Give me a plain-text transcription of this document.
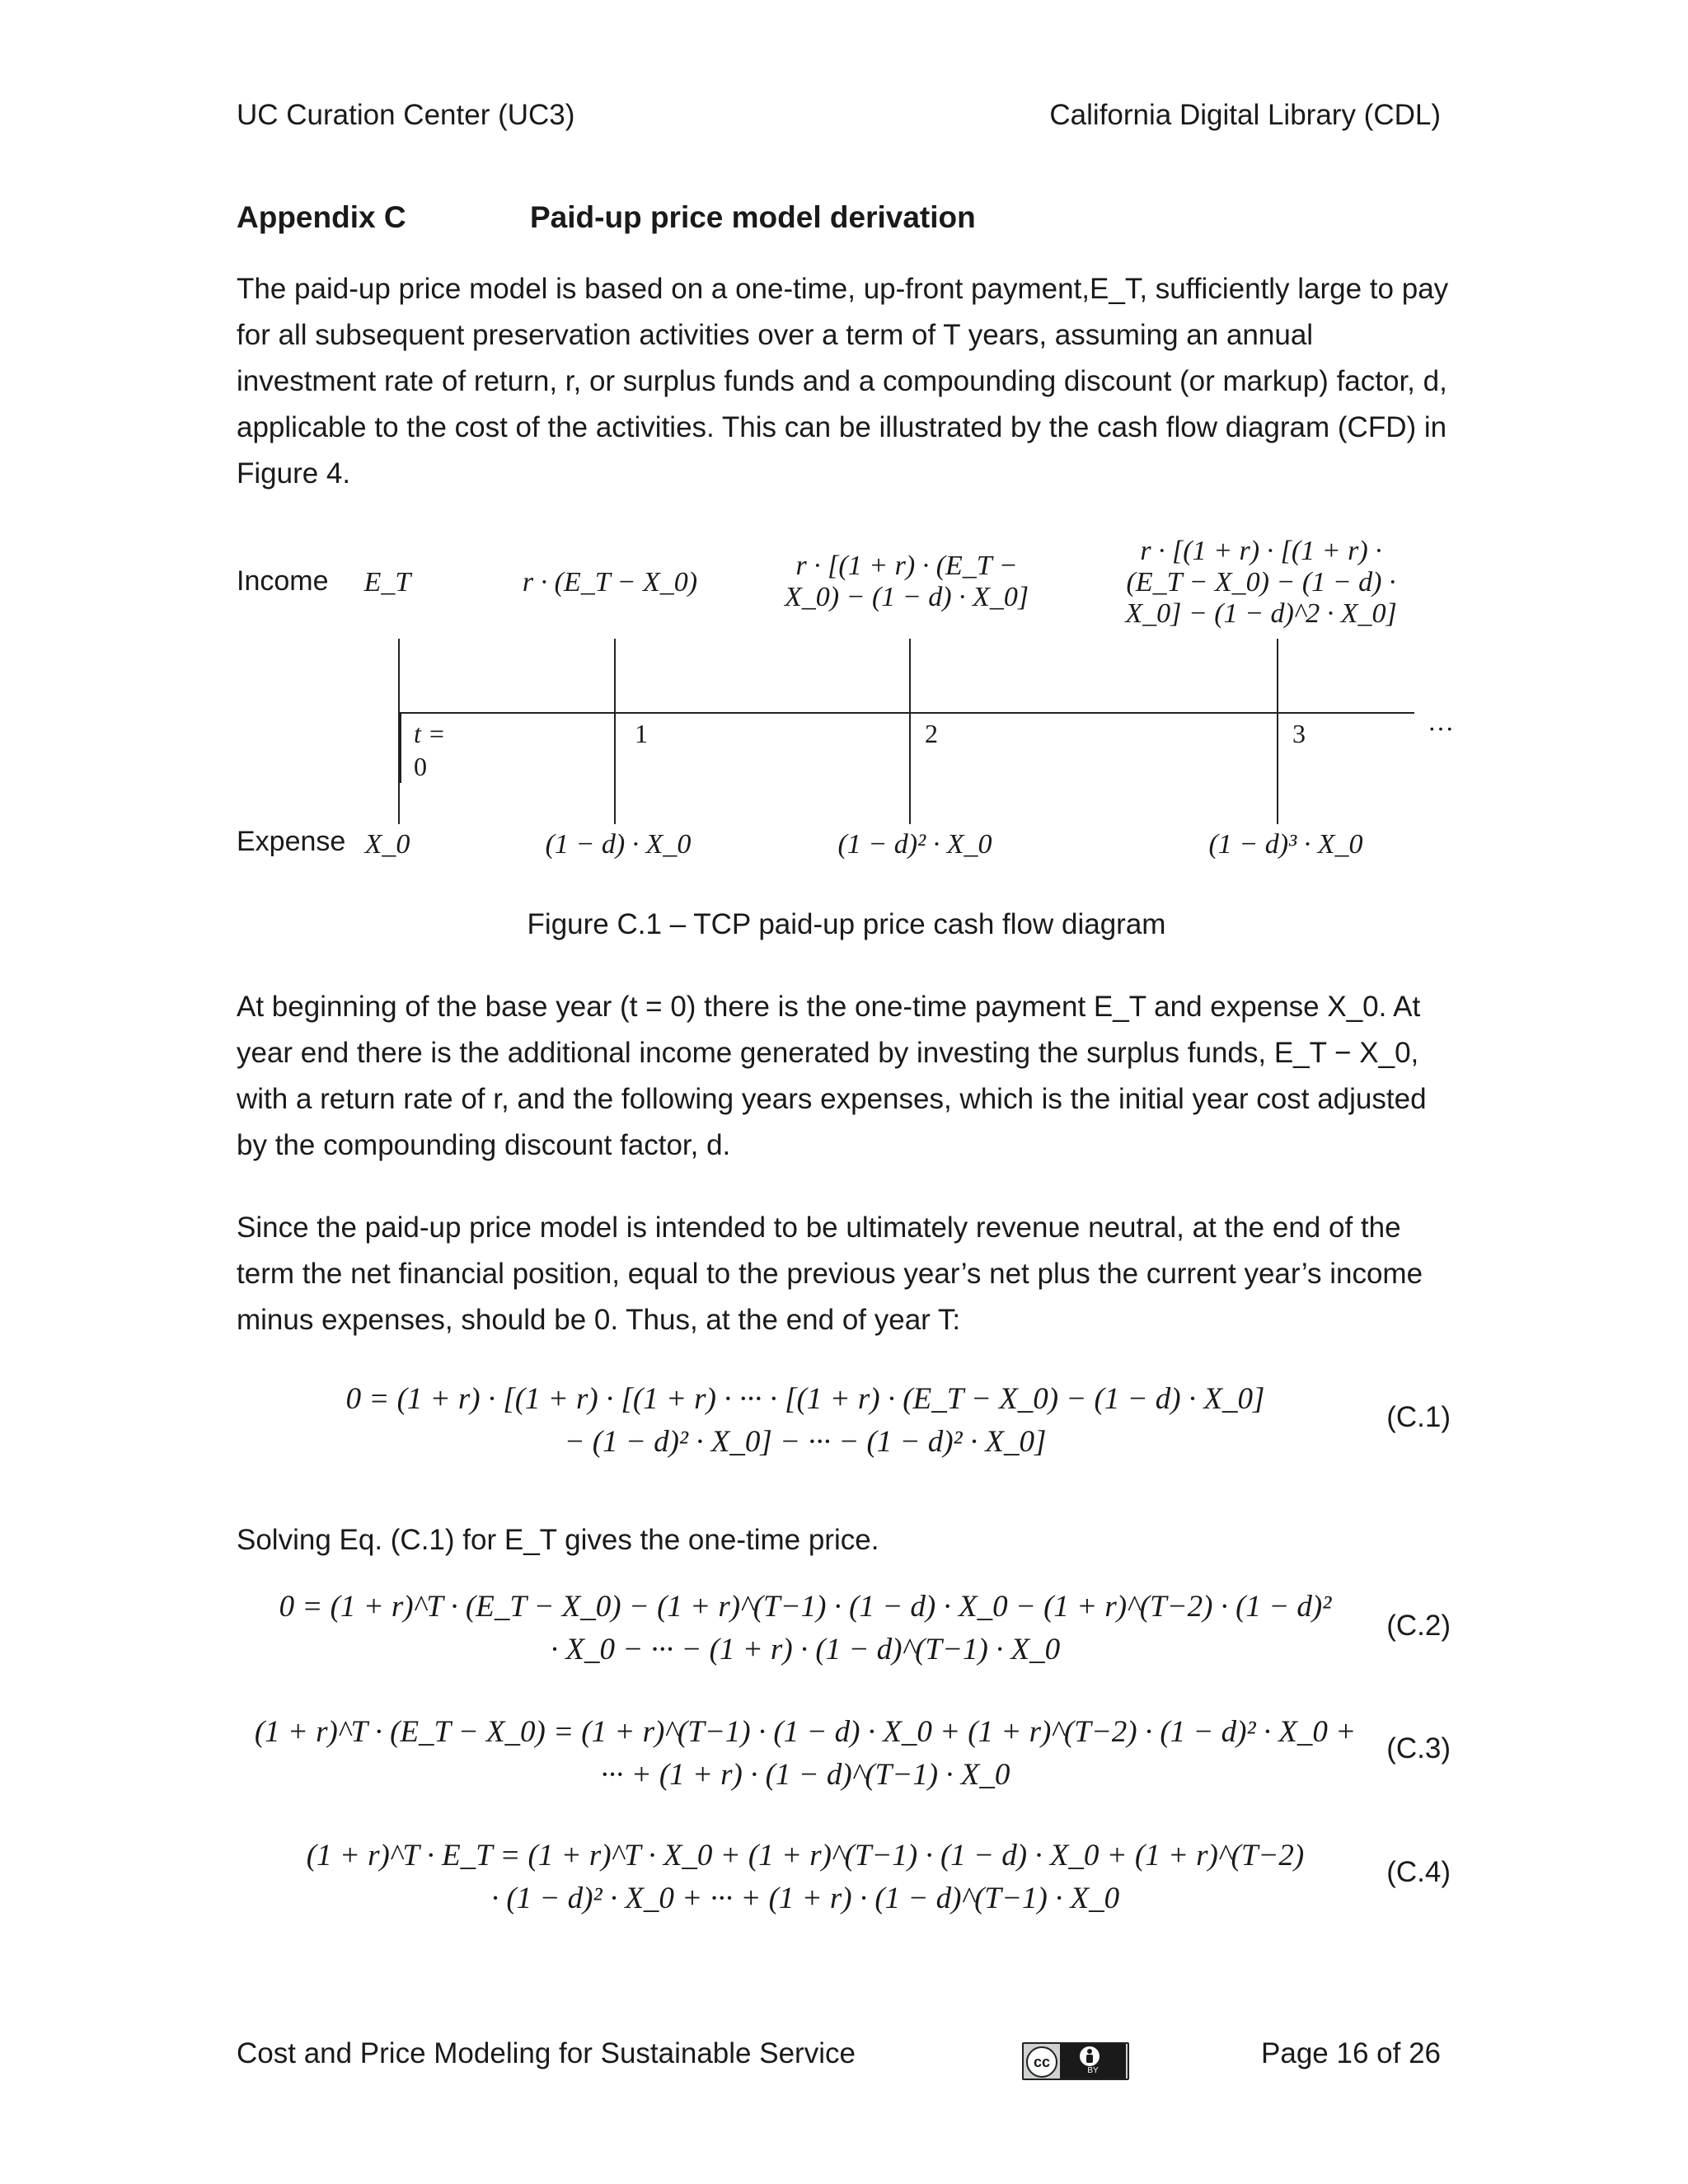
UC Curation Center (UC3)	California Digital Library (CDL)
Appendix C	Paid-up price model derivation
The paid-up price model is based on a one-time, up-front payment,E_T, sufficiently large to pay for all subsequent preservation activities over a term of T years, assuming an annual investment rate of return, r, or surplus funds and a compounding discount (or markup) factor, d, applicable to the cost of the activities. This can be illustrated by the cash flow diagram (CFD) in Figure 4.
Income
Expense
E_T	r · (E_T − X_0)
r · [(1 + r) · (E_T −
X_0) − (1 − d) · X_0]
r · [(1 + r) · [(1 + r) ·
(E_T − X_0) − (1 − d) ·
X_0] − (1 − d)^2 · X_0]
t =
0
1	2	3	···
X_0	(1 − d) · X_0	(1 − d)² · X_0	(1 − d)³ · X_0
Figure C.1 – TCP paid-up price cash flow diagram
At beginning of the base year (t = 0) there is the one-time payment E_T and expense X_0. At year end there is the additional income generated by investing the surplus funds, E_T − X_0, with a return rate of r, and the following years expenses, which is the initial year cost adjusted by the compounding discount factor, d.
Since the paid-up price model is intended to be ultimately revenue neutral, at the end of the term the net financial position, equal to the previous year’s net plus the current year’s income minus expenses, should be 0. Thus, at the end of year T:
0 = (1 + r) · [(1 + r) · [(1 + r) · ··· · [(1 + r) · (E_T − X_0) − (1 − d) · X_0]
− (1 − d)² · X_0] − ··· − (1 − d)² · X_0]
(C.1)
Solving Eq. (C.1) for E_T gives the one-time price.
0 = (1 + r)^T · (E_T − X_0) − (1 + r)^(T−1) · (1 − d) · X_0 − (1 + r)^(T−2) · (1 − d)²
· X_0 − ··· − (1 + r) · (1 − d)^(T−1) · X_0
(C.2)
(1 + r)^T · (E_T − X_0) = (1 + r)^(T−1) · (1 − d) · X_0 + (1 + r)^(T−2) · (1 − d)² · X_0 +
··· + (1 + r) · (1 − d)^(T−1) · X_0
(C.3)
(1 + r)^T · E_T = (1 + r)^T · X_0 + (1 + r)^(T−1) · (1 − d) · X_0 + (1 + r)^(T−2)
· (1 − d)² · X_0 + ··· + (1 + r) · (1 − d)^(T−1) · X_0
(C.4)
Cost and Price Modeling for Sustainable Service	cc
BY
Page 16 of 26
